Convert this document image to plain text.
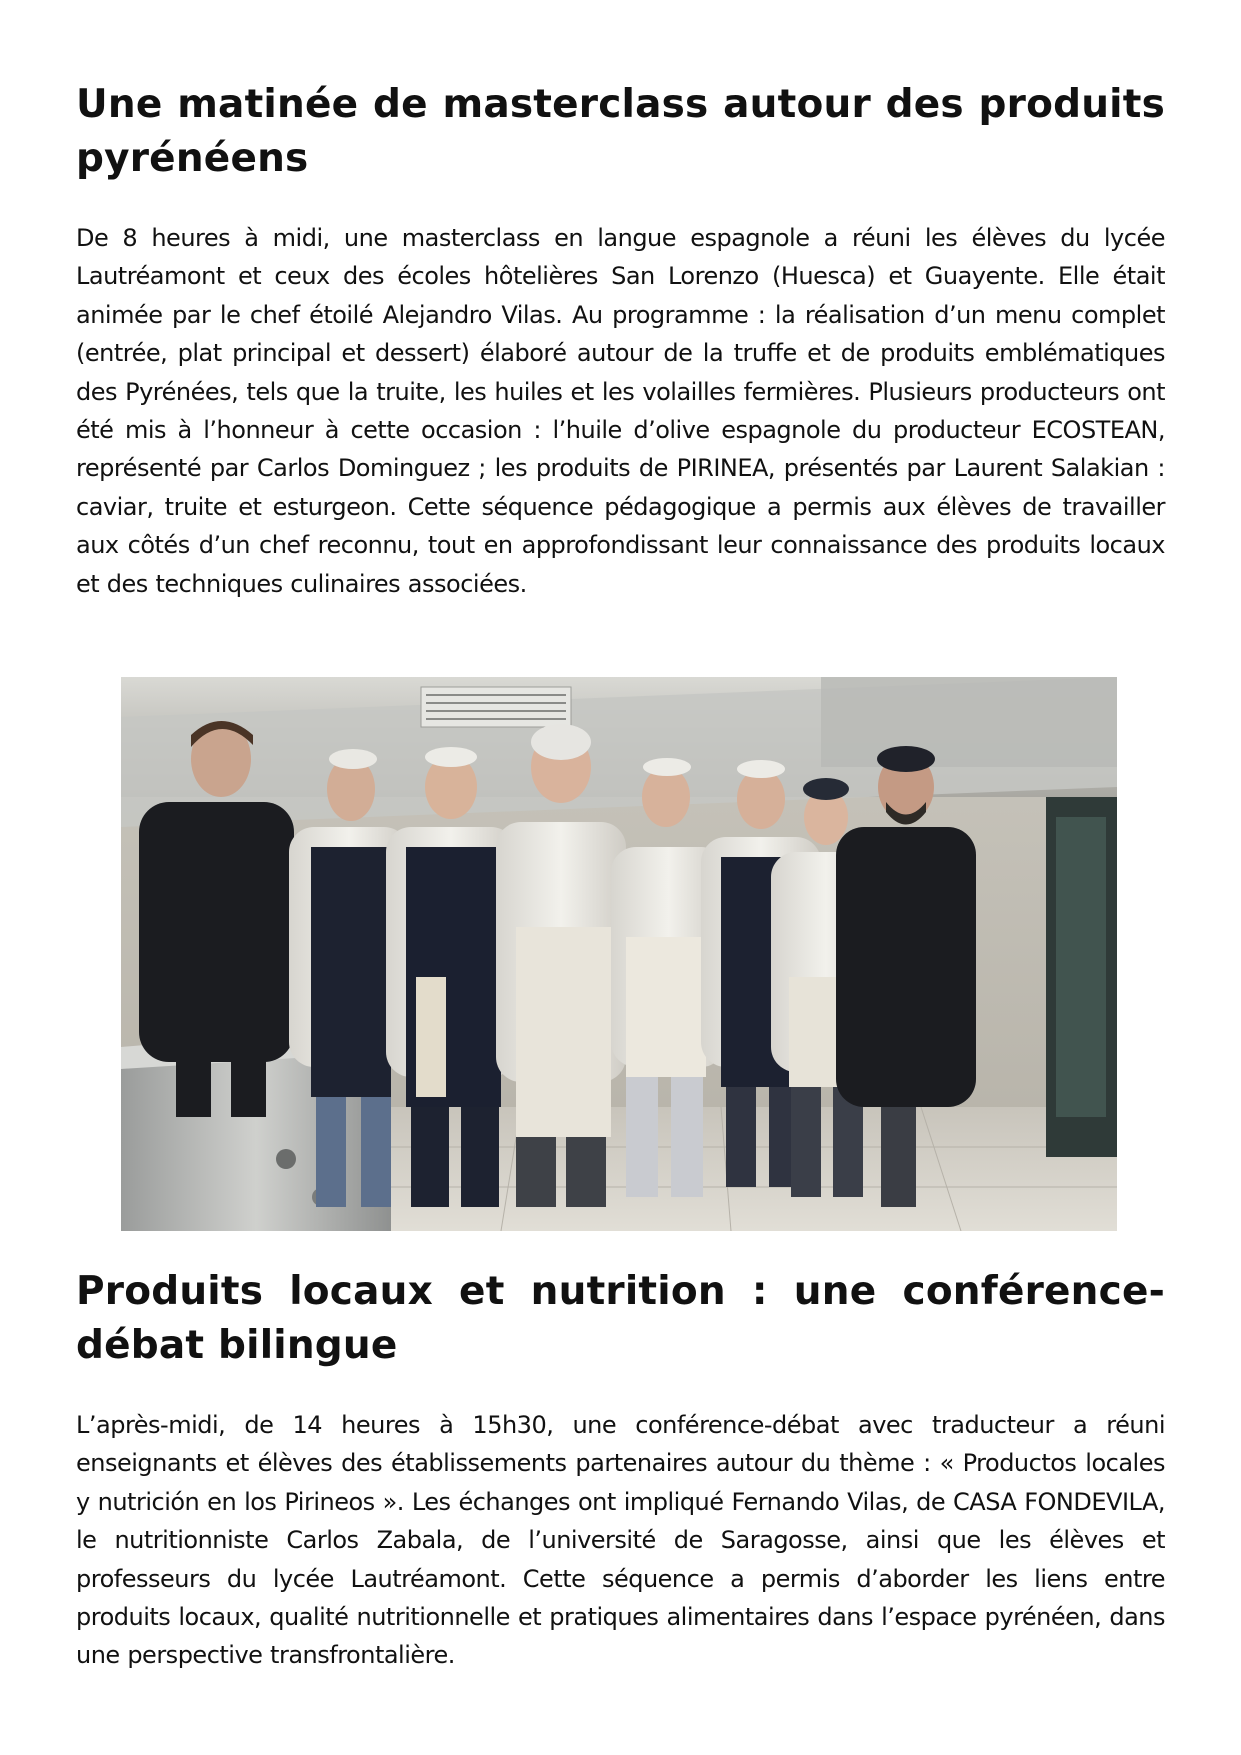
Une matinée de masterclass autour des produits pyrénéens

De 8 heures à midi, une masterclass en langue espagnole a réuni les élèves du lycée Lautréamont et ceux des écoles hôtelières San Lorenzo (Huesca) et Guayente. Elle était animée par le chef étoilé Alejandro Vilas. Au programme : la réalisation d’un menu complet (entrée, plat principal et dessert) élaboré autour de la truffe et de produits emblématiques des Pyrénées, tels que la truite, les huiles et les volailles fermières. Plusieurs producteurs ont été mis à l’honneur à cette occasion : l’huile d’olive espagnole du producteur ECOSTEAN, représenté par Carlos Dominguez ; les produits de PIRINEA, présentés par Laurent Salakian : caviar, truite et esturgeon. Cette séquence pédagogique a permis aux élèves de travailler aux côtés d’un chef reconnu, tout en approfondissant leur connaissance des produits locaux et des techniques culinaires associées.

Produits locaux et nutrition : une conférence-débat bilingue

L’après-midi, de 14 heures à 15h30, une conférence-débat avec traducteur a réuni enseignants et élèves des établissements partenaires autour du thème : « Productos locales y nutrición en los Pirineos ». Les échanges ont impliqué Fernando Vilas, de CASA FONDEVILA, le nutritionniste Carlos Zabala, de l’université de Saragosse, ainsi que les élèves et professeurs du lycée Lautréamont. Cette séquence a permis d’aborder les liens entre produits locaux, qualité nutritionnelle et pratiques alimentaires dans l’espace pyrénéen, dans une perspective transfrontalière.
